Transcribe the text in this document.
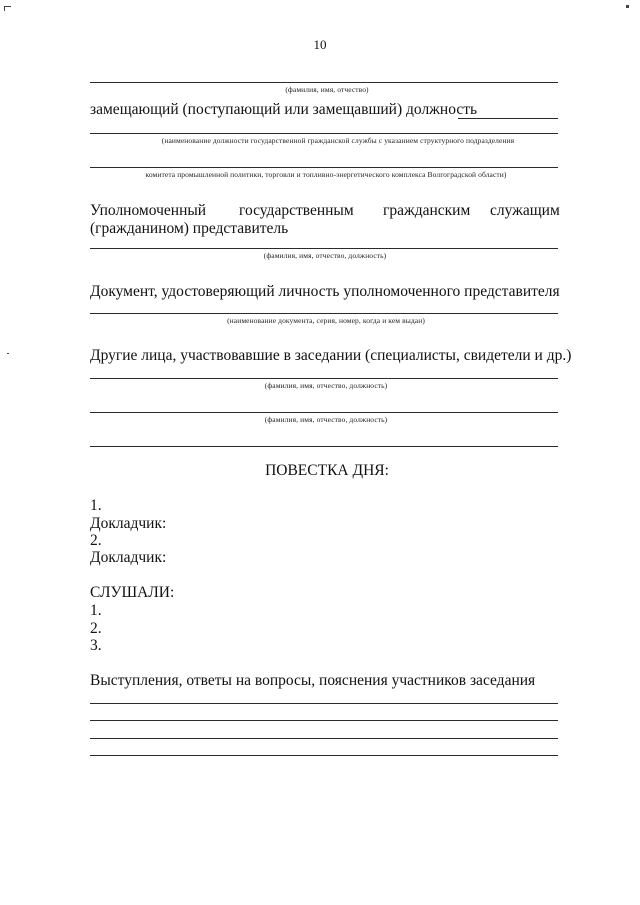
10
(фамилия, имя, отчество)
замещающий (поступающий или замещавший) должность
(наименование должности государственной гражданской службы с указанием структурного подразделения
комитета промышленной политики, торговли и топливно-энергетического комплекса Волгоградской области)
Уполномоченный государственным гражданским служащим
(гражданином) представитель
(фамилия, имя, отчество, должность)
Документ, удостоверяющий личность уполномоченного представителя
(наименование документа, серия, номер, когда и кем выдан)
Другие лица, участвовавшие в заседании (специалисты, свидетели и др.)
(фамилия, имя, отчество, должность)
(фамилия, имя, отчество, должность)
ПОВЕСТКА ДНЯ:
1.
Докладчик:
2.
Докладчик:
СЛУШАЛИ:
1.
2.
3.
Выступления, ответы на вопросы, пояснения участников заседания
